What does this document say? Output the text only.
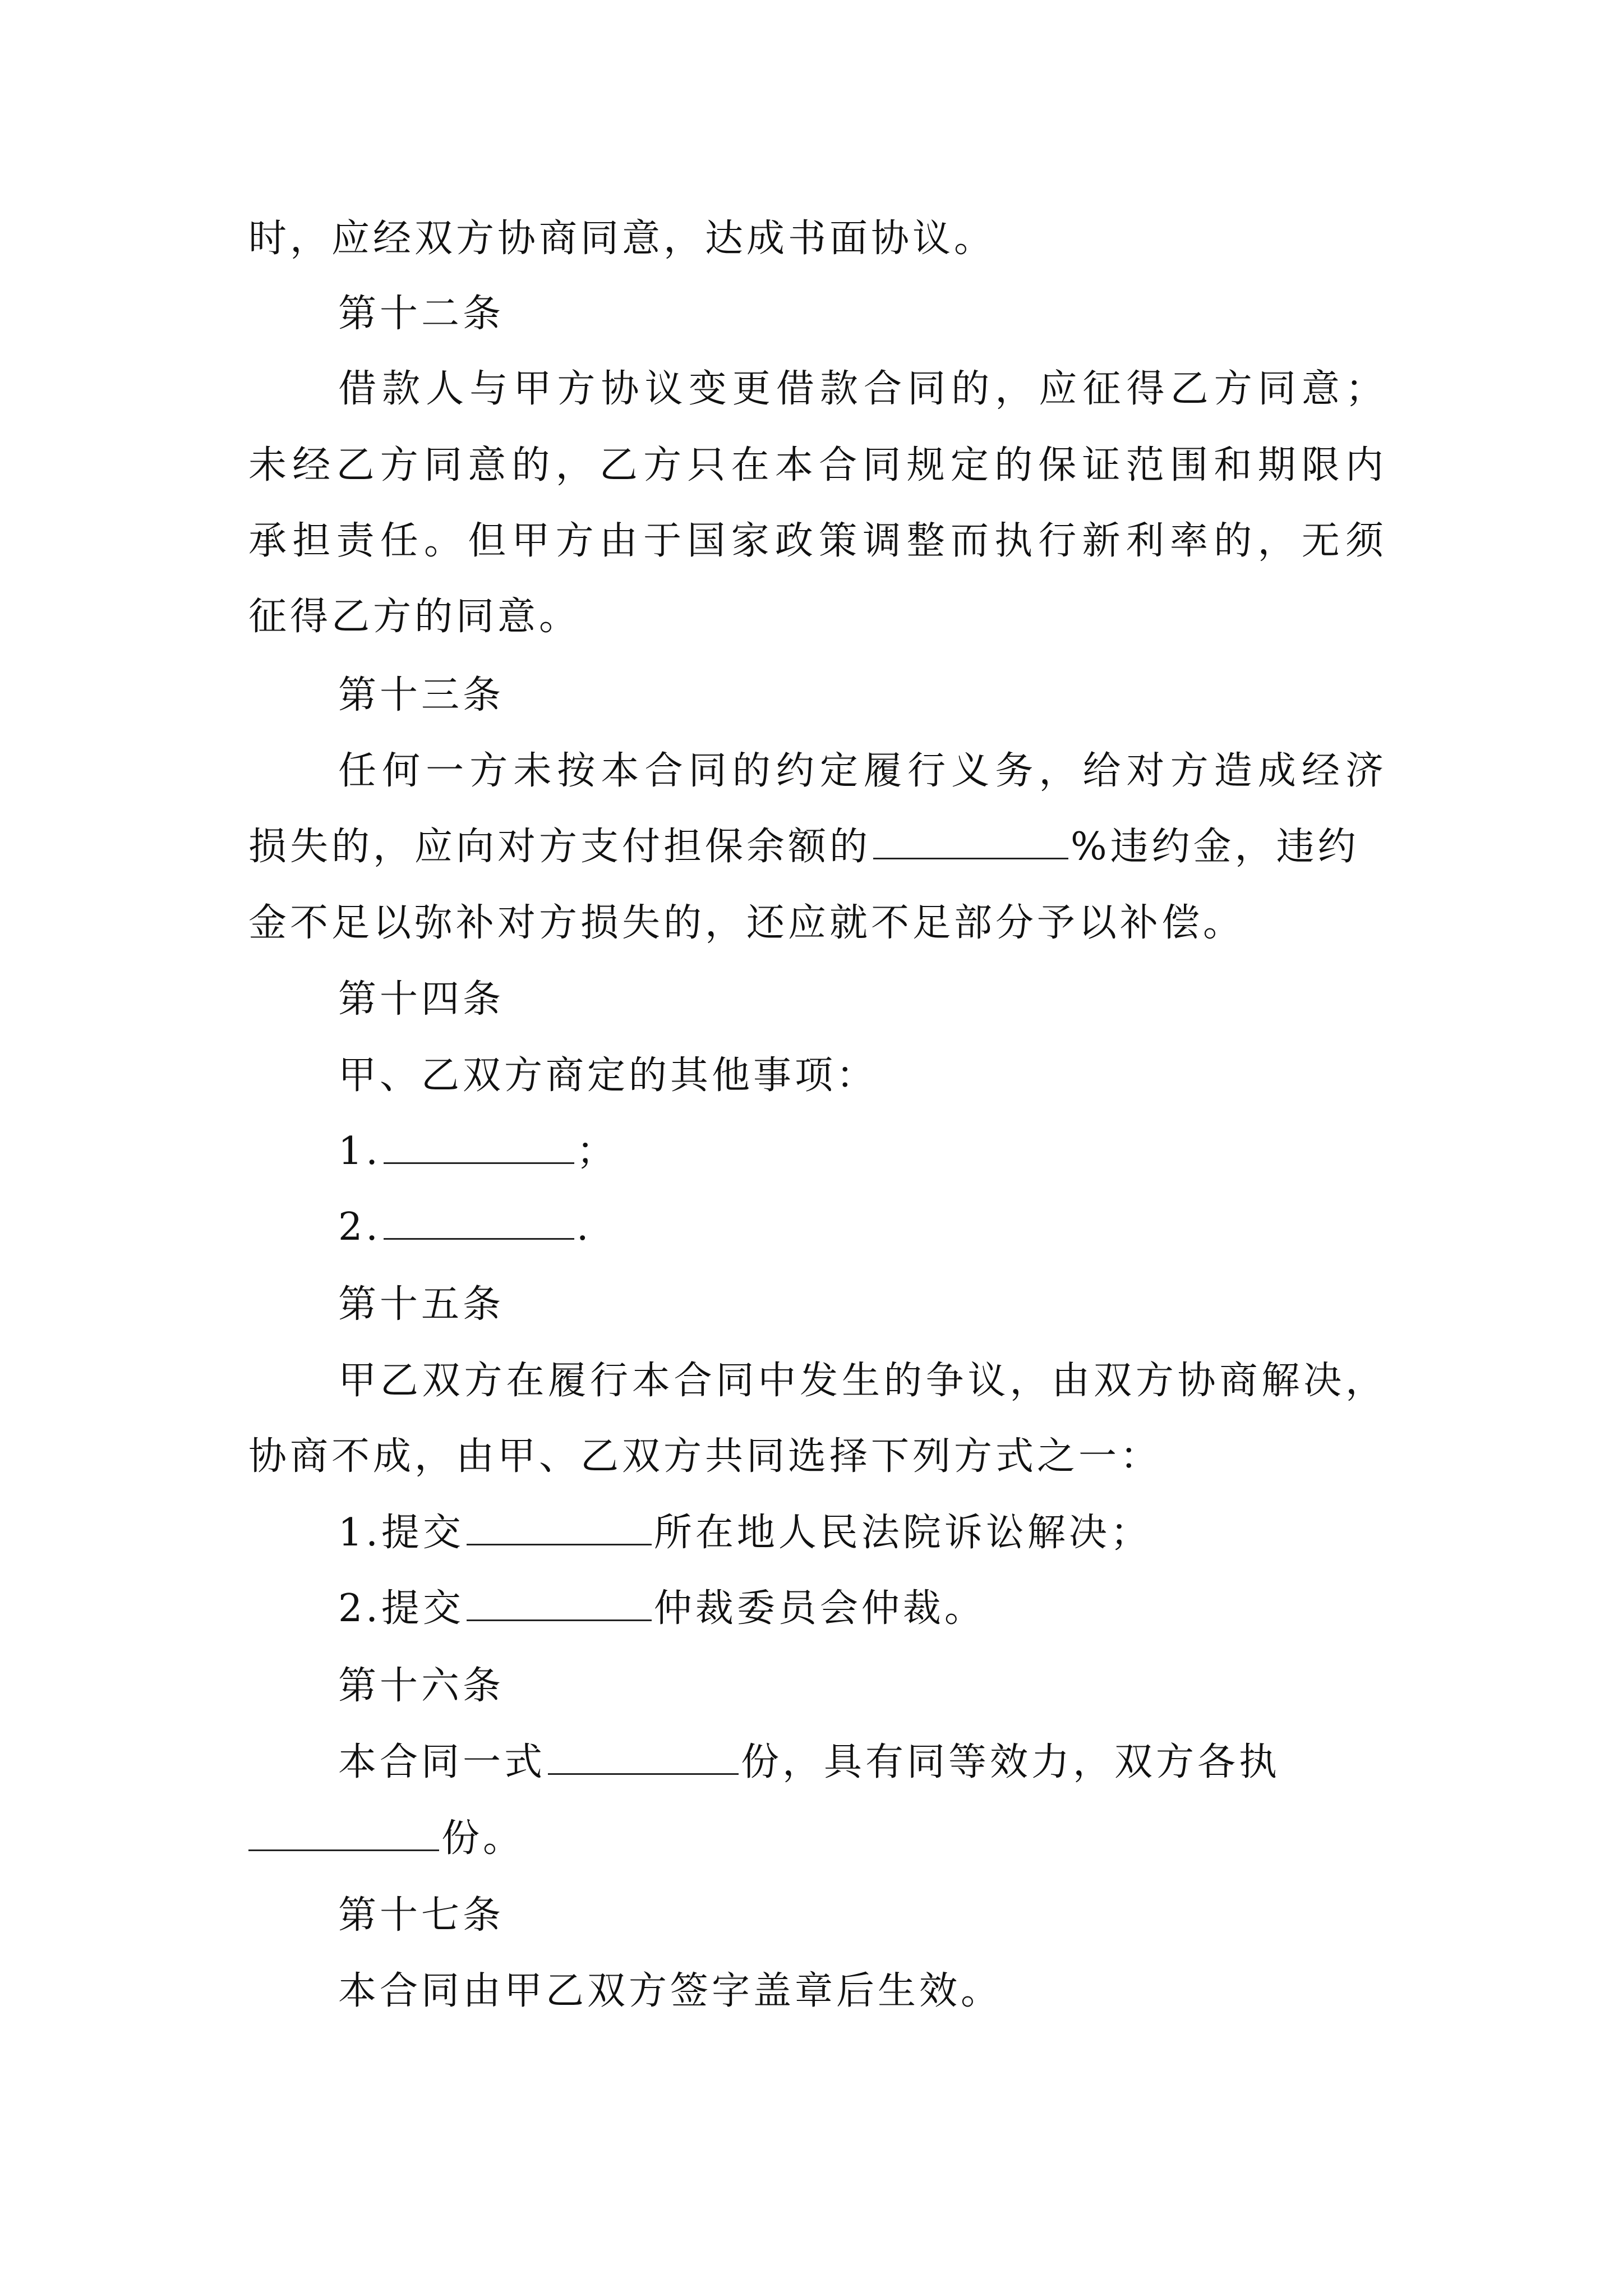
时，应经双方协商同意，达成书面协议。
第十二条
借款人与甲方协议变更借款合同的，应征得乙方同意；
未经乙方同意的，乙方只在本合同规定的保证范围和期限内
承担责任。但甲方由于国家政策调整而执行新利率的，无须
征得乙方的同意。
第十三条
任何一方未按本合同的约定履行义务，给对方造成经济
损失的，应向对方支付担保余额的	%违约金，违约
金不足以弥补对方损失的，还应就不足部分予以补偿。
第十四条
甲、乙双方商定的其他事项：
1.	；
2.	.
第十五条
甲乙双方在履行本合同中发生的争议，由双方协商解决，
协商不成，由甲、乙双方共同选择下列方式之一：
1.提交	所在地人民法院诉讼解决；
2.提交	仲裁委员会仲裁。
第十六条
本合同一式	份，具有同等效力，双方各执
份。
第十七条
本合同由甲乙双方签字盖章后生效。
